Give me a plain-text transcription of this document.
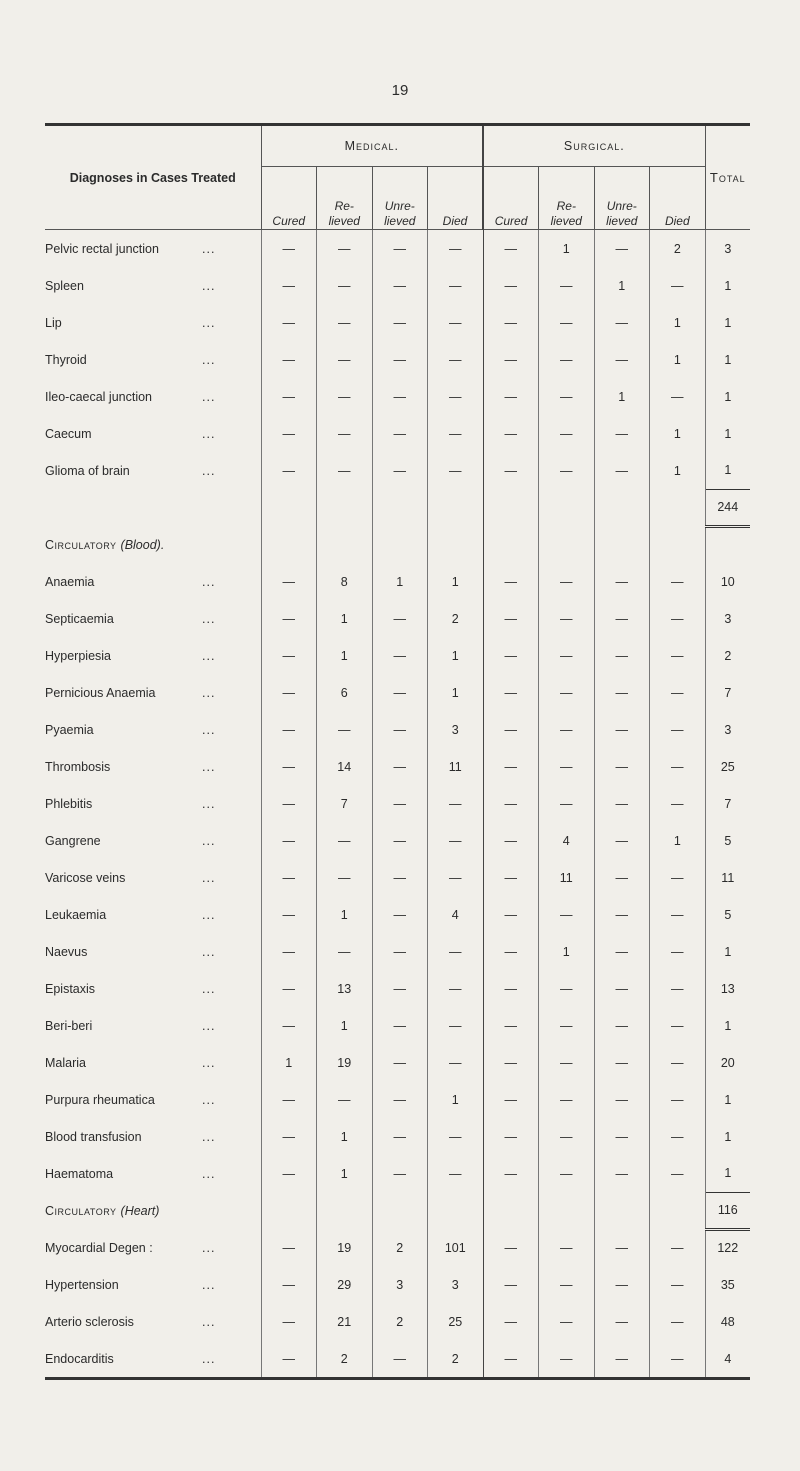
19
Diagnoses in Cases Treated	Medical.				Surgical.				Total
	Cured	Re-
lieved	Unre-
lieved	Died	Cured	Re-
lieved	Unre-
lieved	Died	
Pelvic rectal junction ...	—	—	—	—	—	1	—	2	3
Spleen ...	—	—	—	—	—	—	1	—	1
Lip ...	—	—	—	—	—	—	—	1	1
Thyroid ...	—	—	—	—	—	—	—	1	1
Ileo-caecal junction ...	—	—	—	—	—	—	1	—	1
Caecum ...	—	—	—	—	—	—	—	1	1
Glioma of brain ...	—	—	—	—	—	—	—	1	1
									244
Circulatory (Blood).									
Anaemia ...	—	8	1	1	—	—	—	—	10
Septicaemia ...	—	1	—	2	—	—	—	—	3
Hyperpiesia ...	—	1	—	1	—	—	—	—	2
Pernicious Anaemia ...	—	6	—	1	—	—	—	—	7
Pyaemia ...	—	—	—	3	—	—	—	—	3
Thrombosis ...	—	14	—	11	—	—	—	—	25
Phlebitis ...	—	7	—	—	—	—	—	—	7
Gangrene ...	—	—	—	—	—	4	—	1	5
Varicose veins ...	—	—	—	—	—	11	—	—	11
Leukaemia ...	—	1	—	4	—	—	—	—	5
Naevus ...	—	—	—	—	—	1	—	—	1
Epistaxis ...	—	13	—	—	—	—	—	—	13
Beri-beri ...	—	1	—	—	—	—	—	—	1
Malaria ...	1	19	—	—	—	—	—	—	20
Purpura rheumatica ...	—	—	—	1	—	—	—	—	1
Blood transfusion ...	—	1	—	—	—	—	—	—	1
Haematoma ...	—	1	—	—	—	—	—	—	1
Circulatory (Heart)									116
Myocardial Degen : ...	—	19	2	101	—	—	—	—	122
Hypertension ...	—	29	3	3	—	—	—	—	35
Arterio sclerosis ...	—	21	2	25	—	—	—	—	48
Endocarditis ...	—	2	—	2	—	—	—	—	4
